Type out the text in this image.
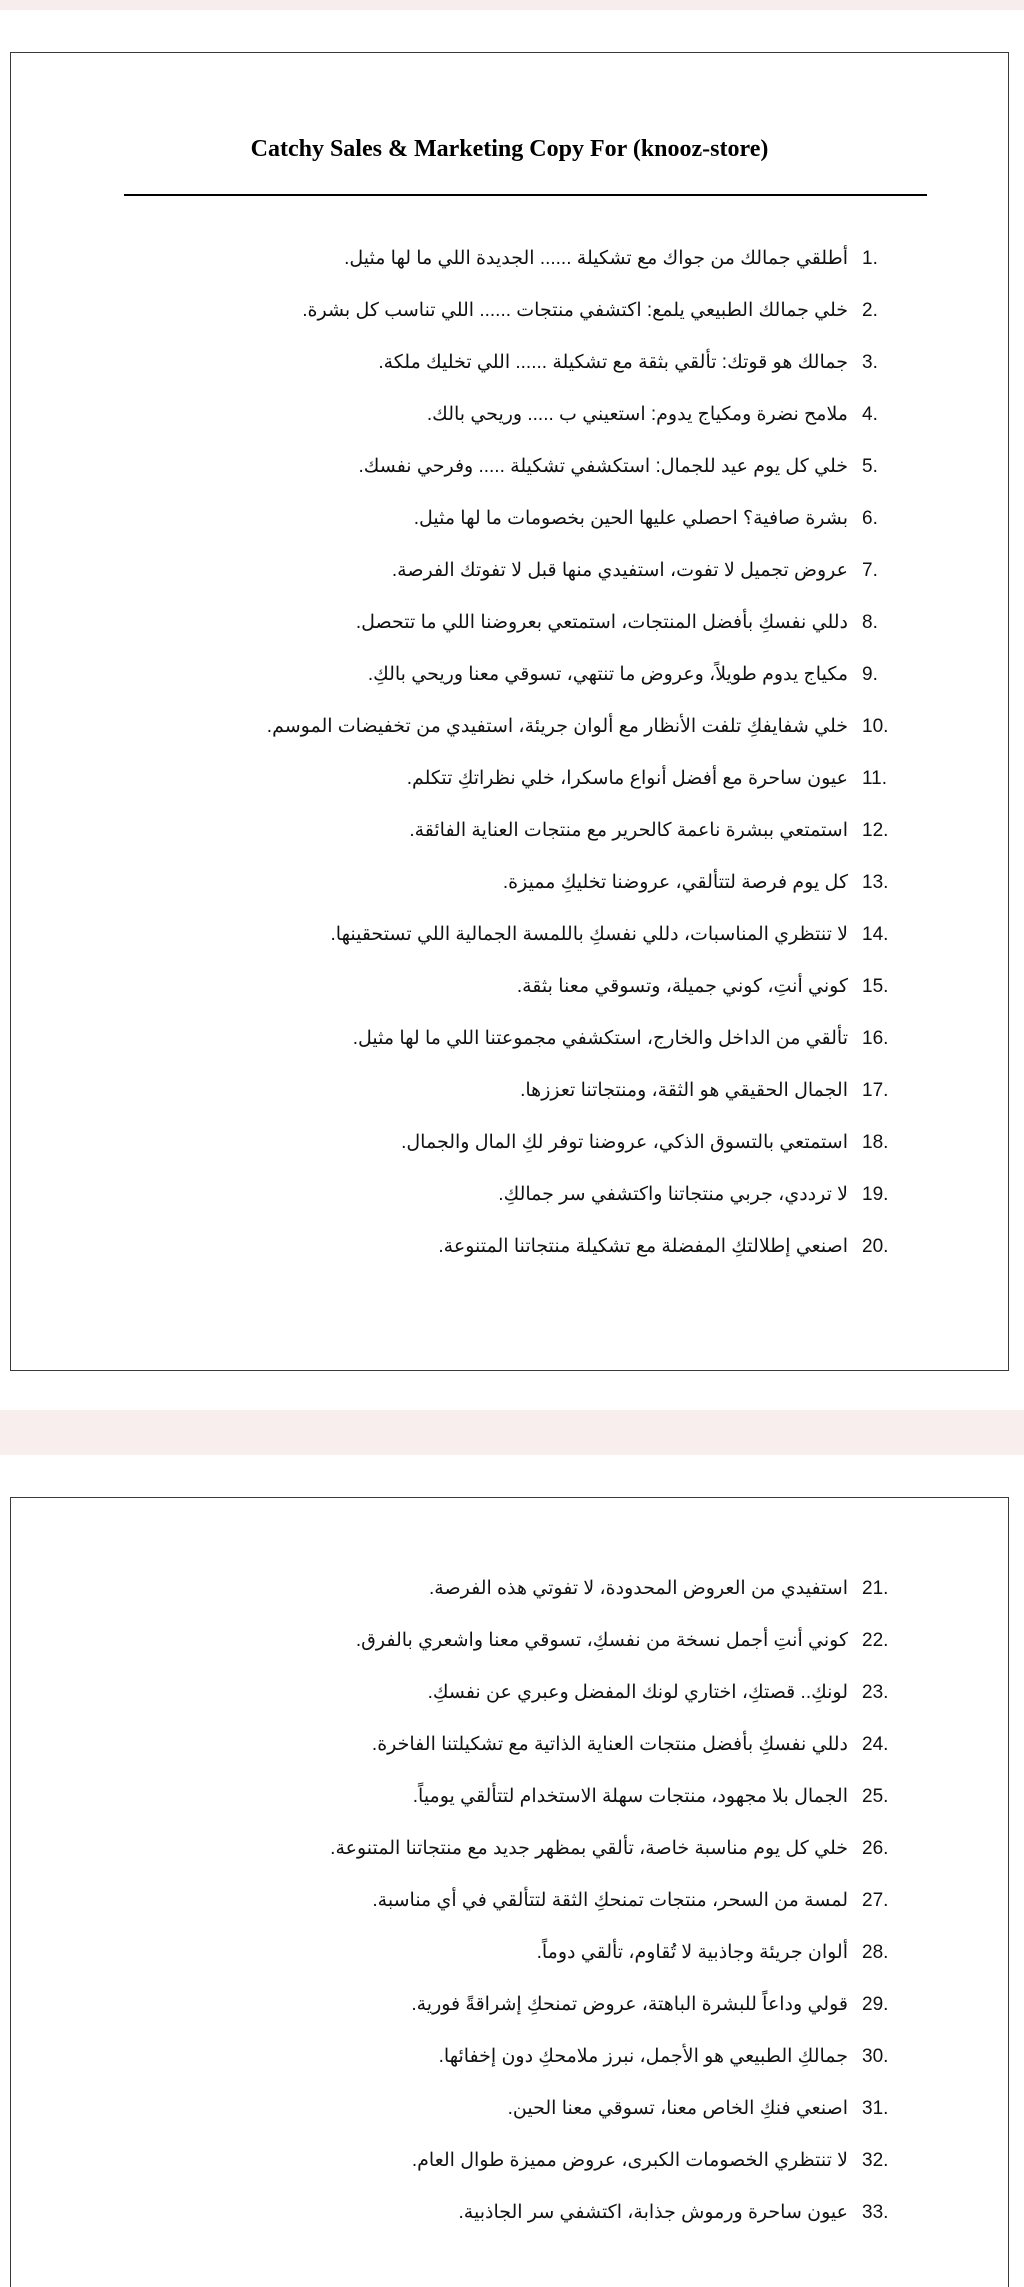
Catchy Sales & Marketing Copy For (knooz-store)
1.أطلقي جمالك من جواك مع تشكيلة ...... الجديدة اللي ما لها مثيل.
2.خلي جمالك الطبيعي يلمع: اكتشفي منتجات ...... اللي تناسب كل بشرة.
3.جمالك هو قوتك: تألقي بثقة مع تشكيلة ...... اللي تخليك ملكة.
4.ملامح نضرة ومكياج يدوم: استعيني ب ..... وريحي بالك.
5.خلي كل يوم عيد للجمال: استكشفي تشكيلة ..... وفرحي نفسك.
6.بشرة صافية؟ احصلي عليها الحين بخصومات ما لها مثيل.
7.عروض تجميل لا تفوت، استفيدي منها قبل لا تفوتك الفرصة.
8.دللي نفسكِ بأفضل المنتجات، استمتعي بعروضنا اللي ما تتحصل.
9.مكياج يدوم طويلاً، وعروض ما تنتهي، تسوقي معنا وريحي بالكِ.
10.خلي شفايفكِ تلفت الأنظار مع ألوان جريئة، استفيدي من تخفيضات الموسم.
11.عيون ساحرة مع أفضل أنواع ماسكرا، خلي نظراتكِ تتكلم.
12.استمتعي ببشرة ناعمة كالحرير مع منتجات العناية الفائقة.
13.كل يوم فرصة لتتألقي، عروضنا تخليكِ مميزة.
14.لا تنتظري المناسبات، دللي نفسكِ باللمسة الجمالية اللي تستحقينها.
15.كوني أنتِ، كوني جميلة، وتسوقي معنا بثقة.
16.تألقي من الداخل والخارج، استكشفي مجموعتنا اللي ما لها مثيل.
17.الجمال الحقيقي هو الثقة، ومنتجاتنا تعززها.
18.استمتعي بالتسوق الذكي، عروضنا توفر لكِ المال والجمال.
19.لا ترددي، جربي منتجاتنا واكتشفي سر جمالكِ.
20.اصنعي إطلالتكِ المفضلة مع تشكيلة منتجاتنا المتنوعة.
21.استفيدي من العروض المحدودة، لا تفوتي هذه الفرصة.
22.كوني أنتِ أجمل نسخة من نفسكِ، تسوقي معنا واشعري بالفرق.
23.لونكِ.. قصتكِ، اختاري لونك المفضل وعبري عن نفسكِ.
24.دللي نفسكِ بأفضل منتجات العناية الذاتية مع تشكيلتنا الفاخرة.
25.الجمال بلا مجهود، منتجات سهلة الاستخدام لتتألقي يومياً.
26.خلي كل يوم مناسبة خاصة، تألقي بمظهر جديد مع منتجاتنا المتنوعة.
27.لمسة من السحر، منتجات تمنحكِ الثقة لتتألقي في أي مناسبة.
28.ألوان جريئة وجاذبية لا تُقاوم، تألقي دوماً.
29.قولي وداعاً للبشرة الباهتة، عروض تمنحكِ إشراقةً فورية.
30.جمالكِ الطبيعي هو الأجمل، نبرز ملامحكِ دون إخفائها.
31.اصنعي فنكِ الخاص معنا، تسوقي معنا الحين.
32.لا تنتظري الخصومات الكبرى، عروض مميزة طوال العام.
33.عيون ساحرة ورموش جذابة، اكتشفي سر الجاذبية.
